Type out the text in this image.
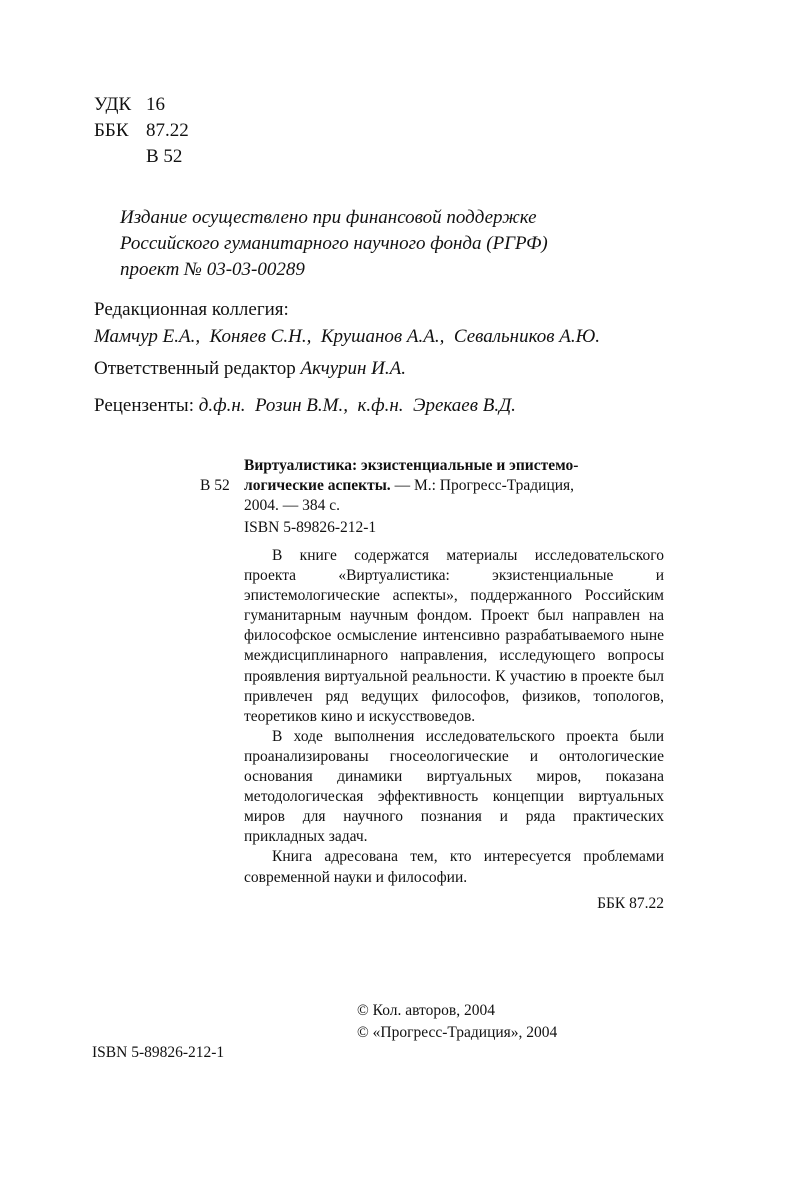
УДК 16
ББК 87.22
В 52
Издание осуществлено при финансовой поддержке
Российского гуманитарного научного фонда (РГРФ)
проект № 03-03-00289
Редакционная коллегия:
Мамчур Е.А.,  Коняев С.Н.,  Крушанов А.А.,  Севальников А.Ю.
Ответственный редактор Акчурин И.А.
Рецензенты: д.ф.н.  Розин В.М.,  к.ф.н.  Эрекаев В.Д.
В 52
Виртуалистика: экзистенциальные и эпистемо-
логические аспекты. — М.: Прогресс-Традиция,
2004. — 384 с.
ISBN 5-89826-212-1

В книге содержатся материалы исследовательского проекта «Виртуалистика: экзистенциальные и эпистемологические аспекты», поддержанного Российским гуманитарным научным фондом. Проект был направлен на философское осмысление интенсивно разрабатываемого ныне междисциплинарного направления, исследующего вопросы проявления виртуальной реальности. К участию в проекте был привлечен ряд ведущих философов, физиков, топологов, теоретиков кино и искусствоведов.

В ходе выполнения исследовательского проекта были проанализированы гносеологические и онтологические основания динамики виртуальных миров, показана методологическая эффективность концепции виртуальных миров для научного познания и ряда практических прикладных задач.

Книга адресована тем, кто интересуется проблемами современной науки и философии.

ББК 87.22
© Кол. авторов, 2004
© «Прогресс-Традиция», 2004
ISBN 5-89826-212-1
